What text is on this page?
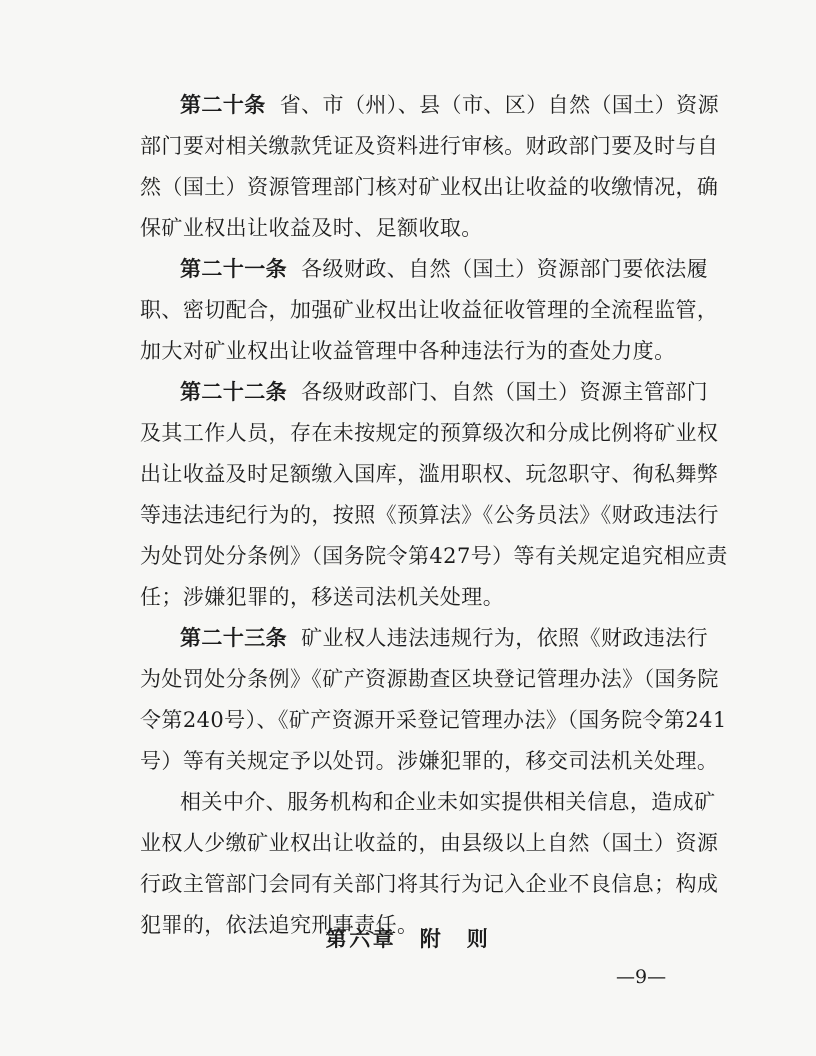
第二十条 省、市（州）、县（市、区）自然（国土）资源
部门要对相关缴款凭证及资料进行审核。财政部门要及时与自
然（国土）资源管理部门核对矿业权出让收益的收缴情况，确
保矿业权出让收益及时、足额收取。
第二十一条 各级财政、自然（国土）资源部门要依法履
职、密切配合，加强矿业权出让收益征收管理的全流程监管，
加大对矿业权出让收益管理中各种违法行为的查处力度。
第二十二条 各级财政部门、自然（国土）资源主管部门
及其工作人员，存在未按规定的预算级次和分成比例将矿业权
出让收益及时足额缴入国库，滥用职权、玩忽职守、徇私舞弊
等违法违纪行为的，按照《预算法》《公务员法》《财政违法行
为处罚处分条例》（国务院令第427号）等有关规定追究相应责
任；涉嫌犯罪的，移送司法机关处理。
第二十三条 矿业权人违法违规行为，依照《财政违法行
为处罚处分条例》《矿产资源勘查区块登记管理办法》（国务院
令第240号）、《矿产资源开采登记管理办法》（国务院令第241
号）等有关规定予以处罚。涉嫌犯罪的，移交司法机关处理。
相关中介、服务机构和企业未如实提供相关信息，造成矿
业权人少缴矿业权出让收益的，由县级以上自然（国土）资源
行政主管部门会同有关部门将其行为记入企业不良信息；构成
犯罪的，依法追究刑事责任。
第六章　附　则
—9—
